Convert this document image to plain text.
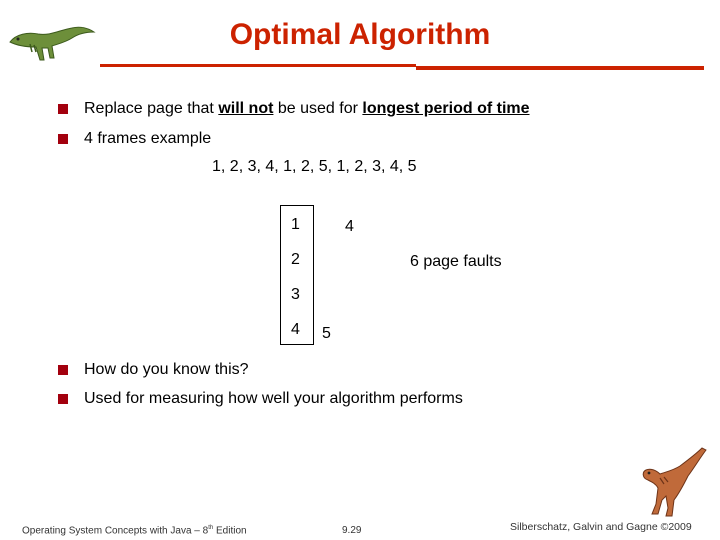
Optimal Algorithm
Replace page that will not be used for longest period of time
4 frames example
1, 2, 3, 4, 1, 2, 5, 1, 2, 3, 4, 5
1
2
3
4
4
5
6 page faults
How do you know this?
Used for measuring how well your algorithm performs
Operating System Concepts with Java – 8th Edition	9.29	Silberschatz, Galvin and Gagne ©2009
